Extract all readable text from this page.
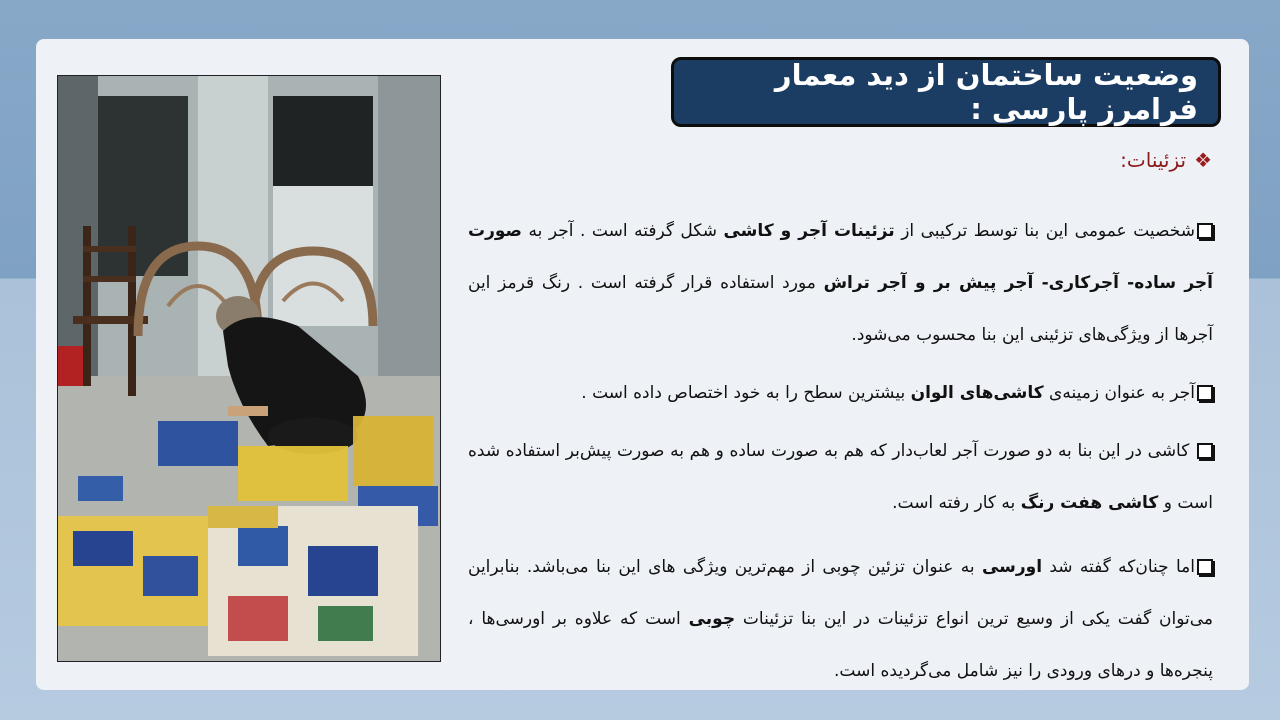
وضعیت ساختمان از دید معمار فرامرز پارسی :
❖
تزئینات:

شخصیت عمومی این بنا توسط ترکیبی از تزئینات آجر و کاشی شکل گرفته است . آجر به صورت آجر ساده- آجرکاری- آجر پیش بر و آجر تراش مورد استفاده قرار گرفته است . رنگ قرمز این آجرها از ویژگی‌های تزئینی این بنا محسوب می‌شود.

آجر به عنوان زمینه‌ی کاشی‌های الوان بیشترین سطح را به خود اختصاص داده است .

کاشی در این بنا به دو صورت آجر لعاب‌دار که هم به صورت ساده و هم به صورت پیش‌بر استفاده شده است و کاشی هفت رنگ به کار رفته است.

اما چنان‌که گفته شد اورسی به عنوان تزئین چوبی از مهم‌ترین ویژگی های این بنا می‌باشد. بنابراین می‌توان گفت یکی از وسیع ترین انواع تزئینات در این بنا تزئینات چوبی است که علاوه بر اورسی‌ها ، پنجره‌ها و درهای ورودی را نیز شامل می‌گردیده است.
